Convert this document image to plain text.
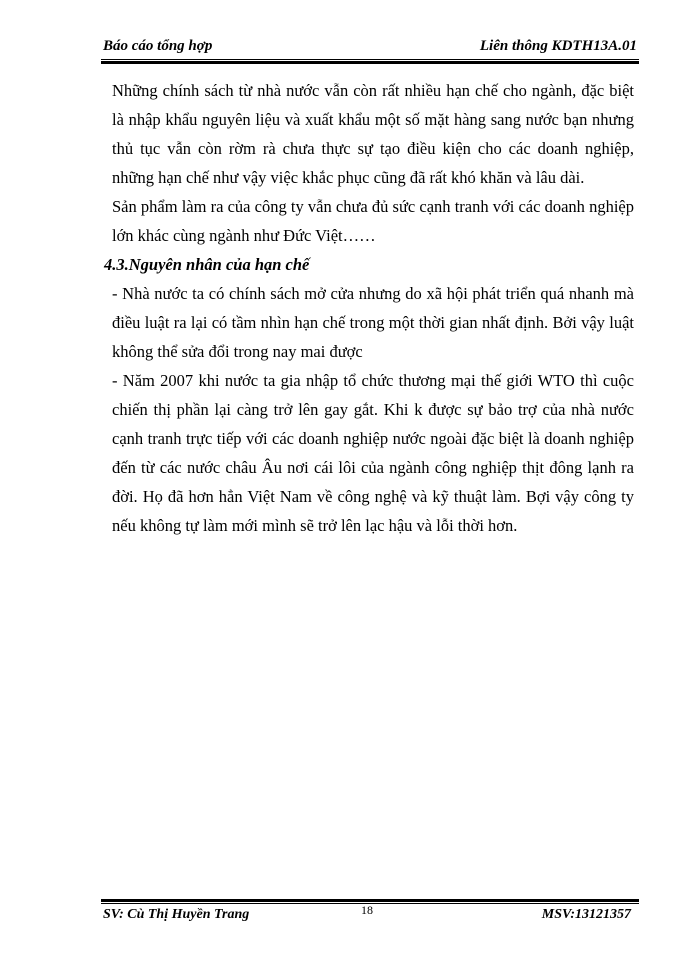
Báo cáo tổng hợp	Liên thông KDTH13A.01

Những chính sách từ nhà nước vẫn còn rất nhiều hạn chế cho ngành, đặc biệt là nhập khẩu nguyên liệu và xuất khẩu một số mặt hàng sang nước bạn nhưng thủ tục vẫn còn rờm rà chưa thực sự tạo điều kiện cho các doanh nghiệp, những hạn chế như vậy việc khắc phục cũng đã rất khó khăn và lâu dài.

Sản phẩm làm ra của công ty vẫn chưa đủ sức cạnh tranh với các doanh nghiệp lớn khác cùng ngành như Đức Việt……

4.3.Nguyên nhân của hạn chế

- Nhà nước ta có chính sách mở cửa nhưng do xã hội phát triển quá nhanh mà điều luật ra lại có tầm nhìn hạn chế trong một thời gian nhất định. Bởi vậy luật không thể sửa đổi trong nay mai được

- Năm 2007 khi nước ta gia nhập tổ chức thương mại thế giới WTO thì cuộc chiến thị phần lại càng trở lên gay gắt. Khi k được sự bảo trợ của nhà nước cạnh tranh trực tiếp với các doanh nghiệp nước ngoài đặc biệt là doanh nghiệp đến từ các nước châu Âu nơi cái lôi của ngành công nghiệp thịt đông lạnh ra đời. Họ đã hơn hẳn Việt Nam về công nghệ và kỹ thuật làm. Bợi vậy công ty nếu không tự làm mới mình sẽ trở lên lạc hậu và lỗi thời hơn.

SV: Cù Thị Huyền Trang	18	MSV:13121357
